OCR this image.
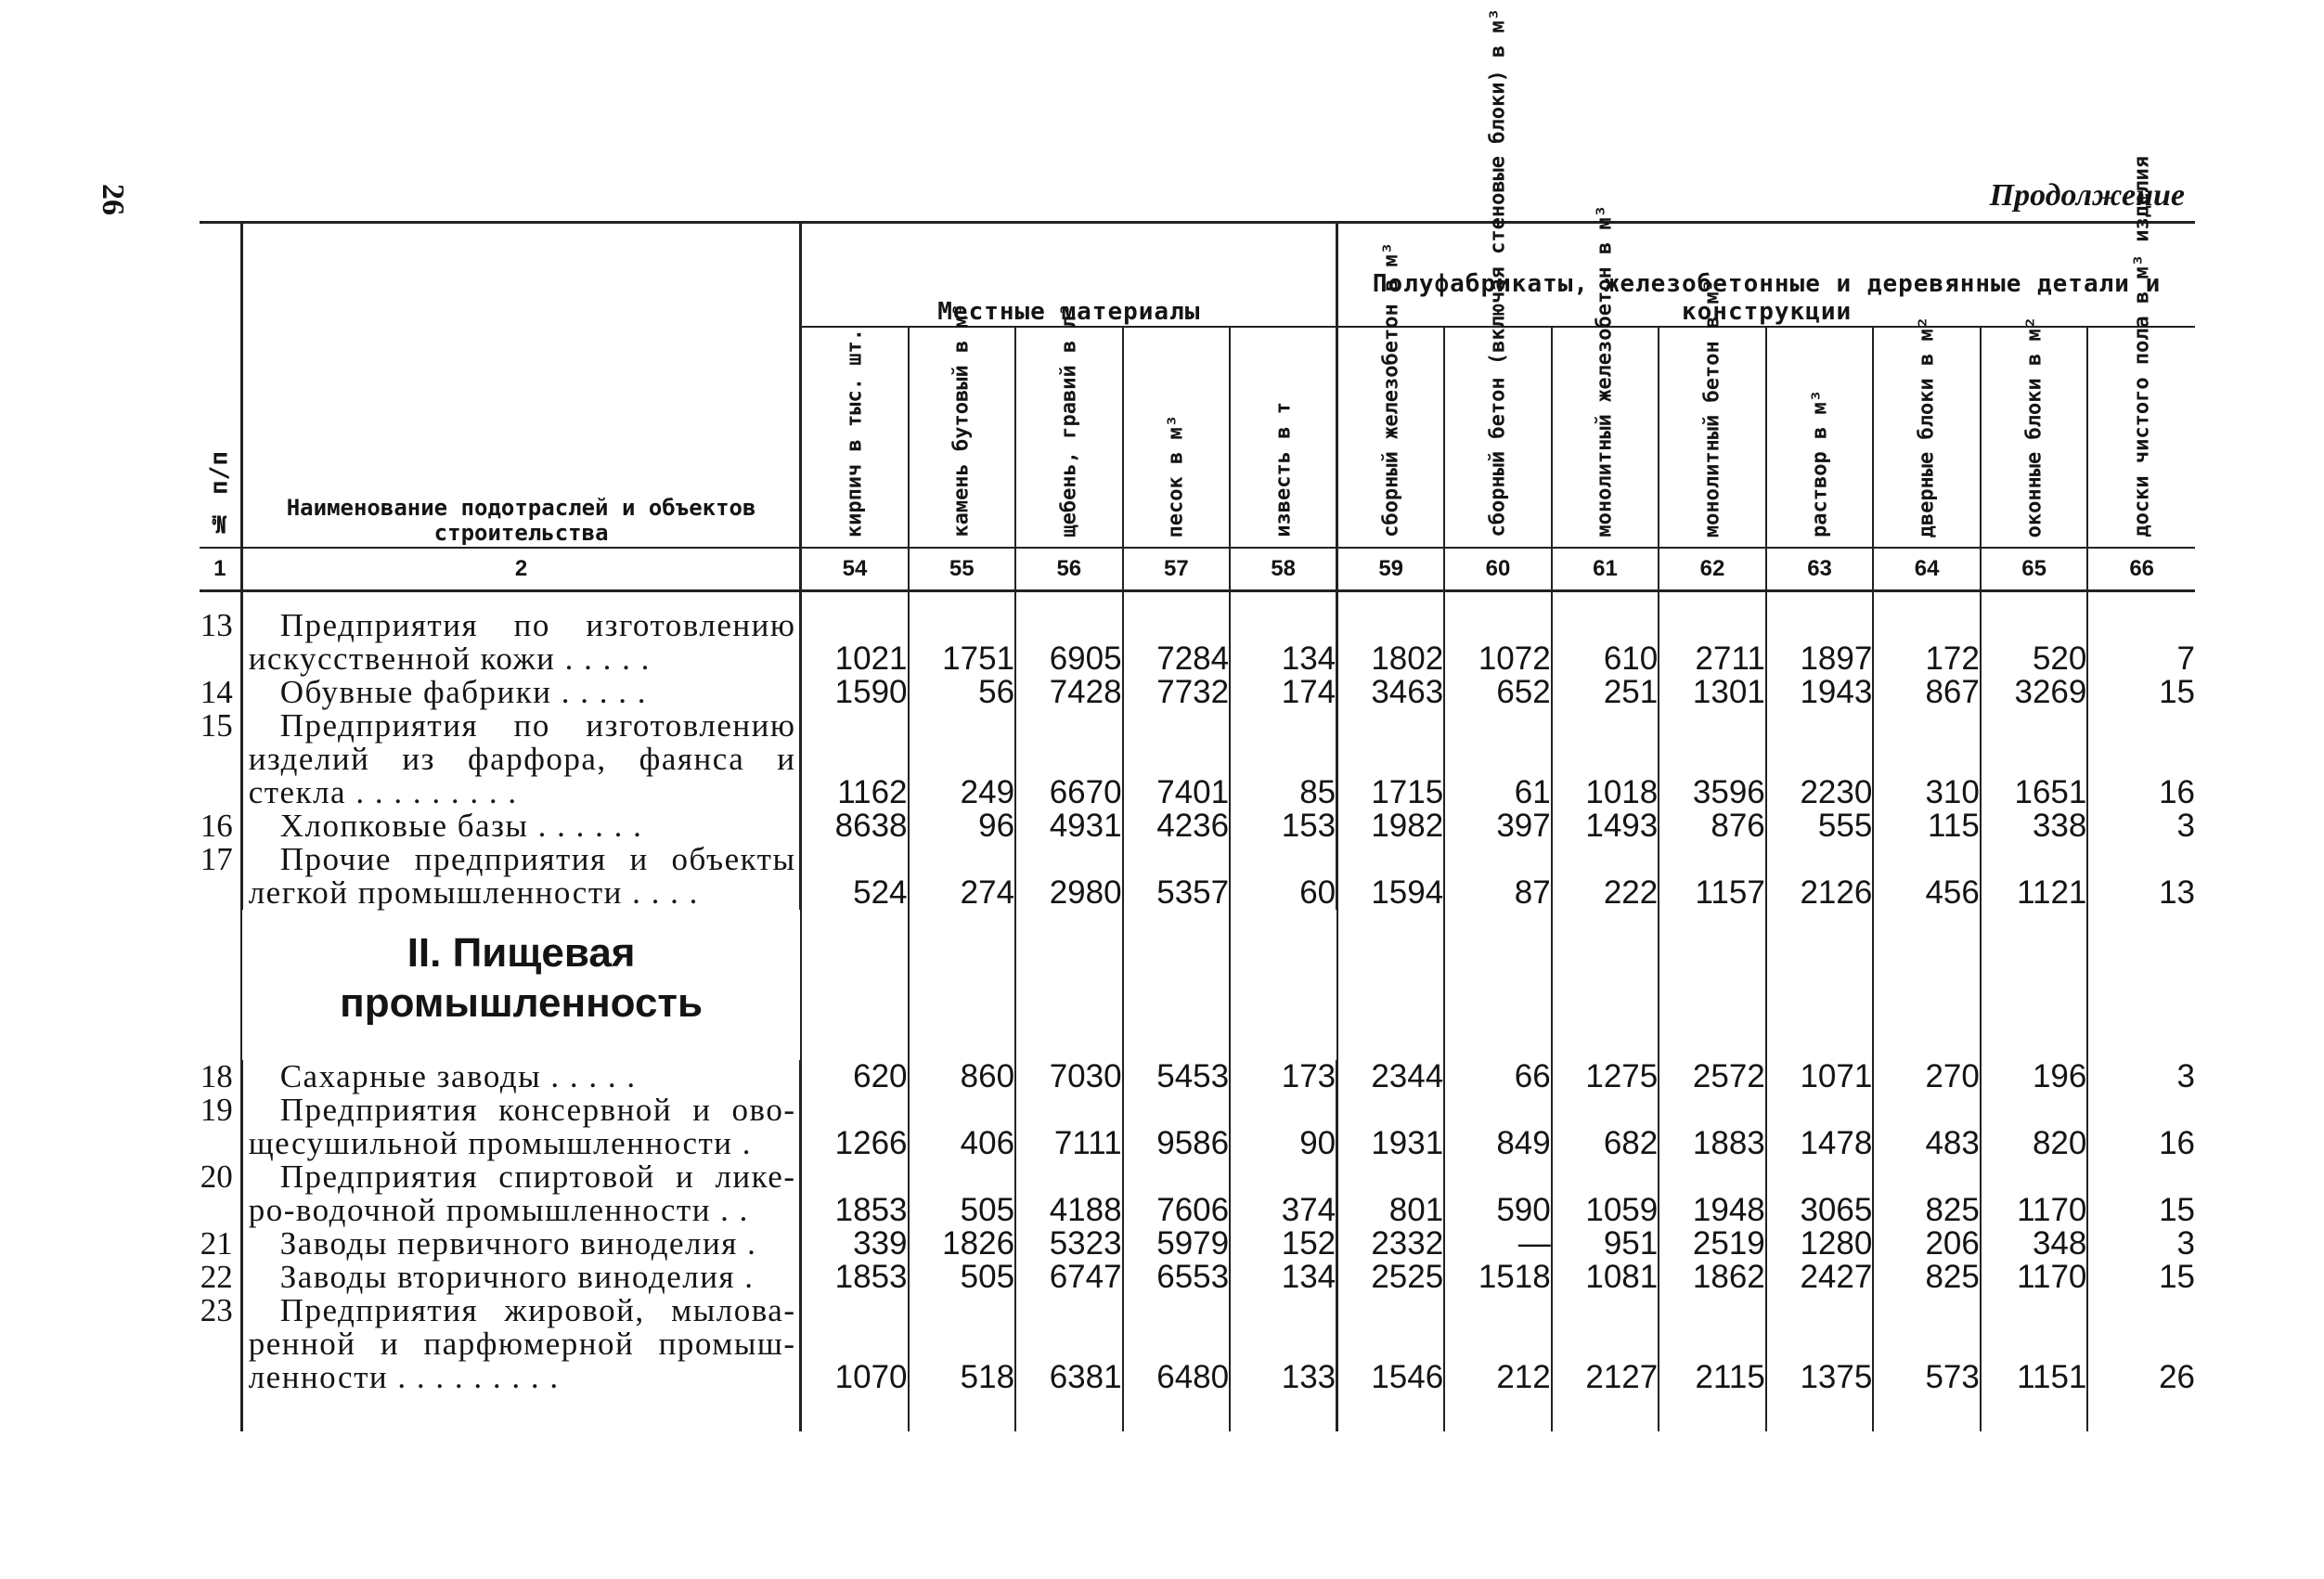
26	Продолжение
№ п/п	Наименование подотраслей и объектов строительства	Местные материалы					Полуфабрикаты, железобетонные и деревянные детали и конструкции							

		кирпич в тыс. шт.	камень бутовый в м³	щебень, гравий в л³	песок в м³	известь в т	сборный железобетон в м³	сборный бетон (включая стеновые блоки) в м³	монолитный железобетон в м³	монолитный бетон в м³	раствор в м³	дверные блоки в м²	оконные блоки в м²	доски чистого пола в м³ изделия

1	2	54	55	56	57	58	59	60	61	62	63	64	65	66

13	Предприятия по изготовлению
искусственной кожи . . . . .	1021	1751	6905	7284	134	1802	1072	610	2711	1897	172	520	7
14	Обувные фабрики . . . . .	1590	56	7428	7732	174	3463	652	251	1301	1943	867	3269	15
15	Предприятия по изготовлению
изделий из фарфора, фаянса и
стекла . . . . . . . . .	1162	249	6670	7401	85	1715	61	1018	3596	2230	310	1651	16
16	Хлопковые базы . . . . . .	8638	96	4931	4236	153	1982	397	1493	876	555	115	338	3
17	Прочие предприятия и объекты
легкой промышленности . . . .	524	274	2980	5357	60	1594	87	222	1157	2126	456	1121	13

	II. Пищевая
промышленность													

18	Сахарные заводы . . . . .	620	860	7030	5453	173	2344	66	1275	2572	1071	270	196	3
19	Предприятия консервной и ово-
щесушильной промышленности .	1266	406	7111	9586	90	1931	849	682	1883	1478	483	820	16
20	Предприятия спиртовой и лике-
ро-водочной промышленности . .	1853	505	4188	7606	374	801	590	1059	1948	3065	825	1170	15
21	Заводы первичного виноделия .	339	1826	5323	5979	152	2332	—	951	2519	1280	206	348	3
22	Заводы вторичного виноделия .	1853	505	6747	6553	134	2525	1518	1081	1862	2427	825	1170	15
23	Предприятия жировой, мылова-
ренной и парфюмерной промыш-
ленности . . . . . . . . .	1070	518	6381	6480	133	1546	212	2127	2115	1375	573	1151	26
